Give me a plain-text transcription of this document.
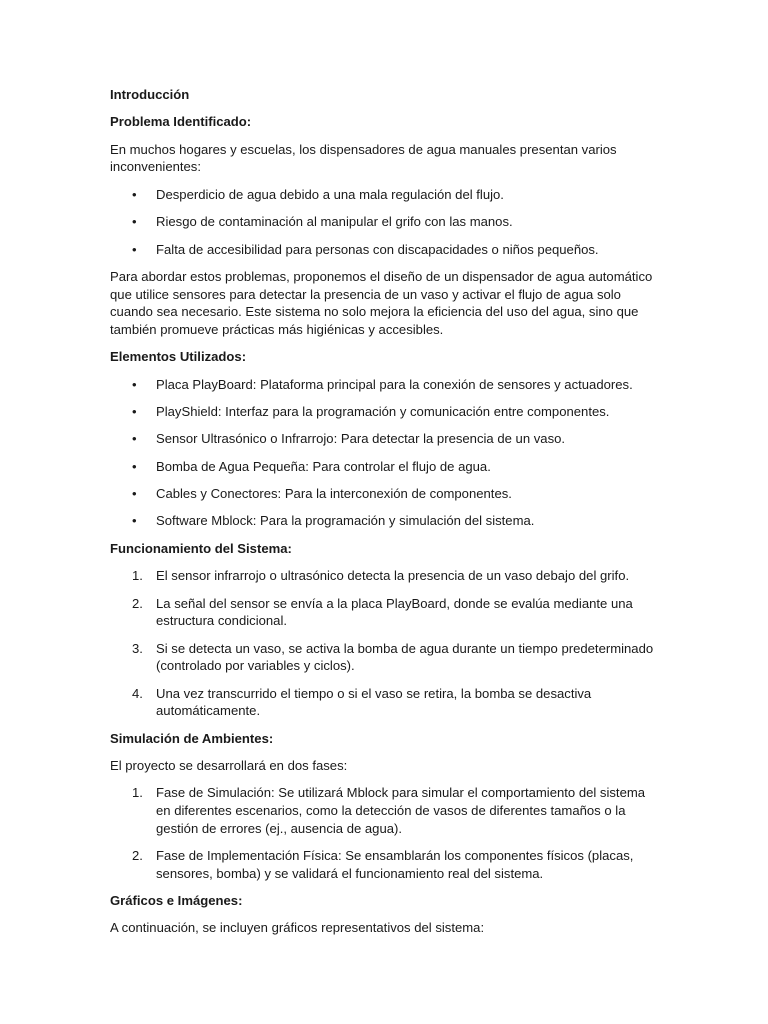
Introducción
Problema Identificado:

En muchos hogares y escuelas, los dispensadores de agua manuales presentan varios inconvenientes:

•	Desperdicio de agua debido a una mala regulación del flujo.
•	Riesgo de contaminación al manipular el grifo con las manos.
•	Falta de accesibilidad para personas con discapacidades o niños pequeños.

Para abordar estos problemas, proponemos el diseño de un dispensador de agua automático que utilice sensores para detectar la presencia de un vaso y activar el flujo de agua solo cuando sea necesario. Este sistema no solo mejora la eficiencia del uso del agua, sino que también promueve prácticas más higiénicas y accesibles.

Elementos Utilizados:
•	Placa PlayBoard: Plataforma principal para la conexión de sensores y actuadores.
•	PlayShield: Interfaz para la programación y comunicación entre componentes.
•	Sensor Ultrasónico o Infrarrojo: Para detectar la presencia de un vaso.
•	Bomba de Agua Pequeña: Para controlar el flujo de agua.
•	Cables y Conectores: Para la interconexión de componentes.
•	Software Mblock: Para la programación y simulación del sistema.
Funcionamiento del Sistema:
1. El sensor infrarrojo o ultrasónico detecta la presencia de un vaso debajo del grifo.
2. La señal del sensor se envía a la placa PlayBoard, donde se evalúa mediante una estructura condicional.
3. Si se detecta un vaso, se activa la bomba de agua durante un tiempo predeterminado (controlado por variables y ciclos).
4. Una vez transcurrido el tiempo o si el vaso se retira, la bomba se desactiva automáticamente.
Simulación de Ambientes:

El proyecto se desarrollará en dos fases:

1. Fase de Simulación: Se utilizará Mblock para simular el comportamiento del sistema en diferentes escenarios, como la detección de vasos de diferentes tamaños o la gestión de errores (ej., ausencia de agua).
2. Fase de Implementación Física: Se ensamblarán los componentes físicos (placas, sensores, bomba) y se validará el funcionamiento real del sistema.
Gráficos e Imágenes:

A continuación, se incluyen gráficos representativos del sistema:
